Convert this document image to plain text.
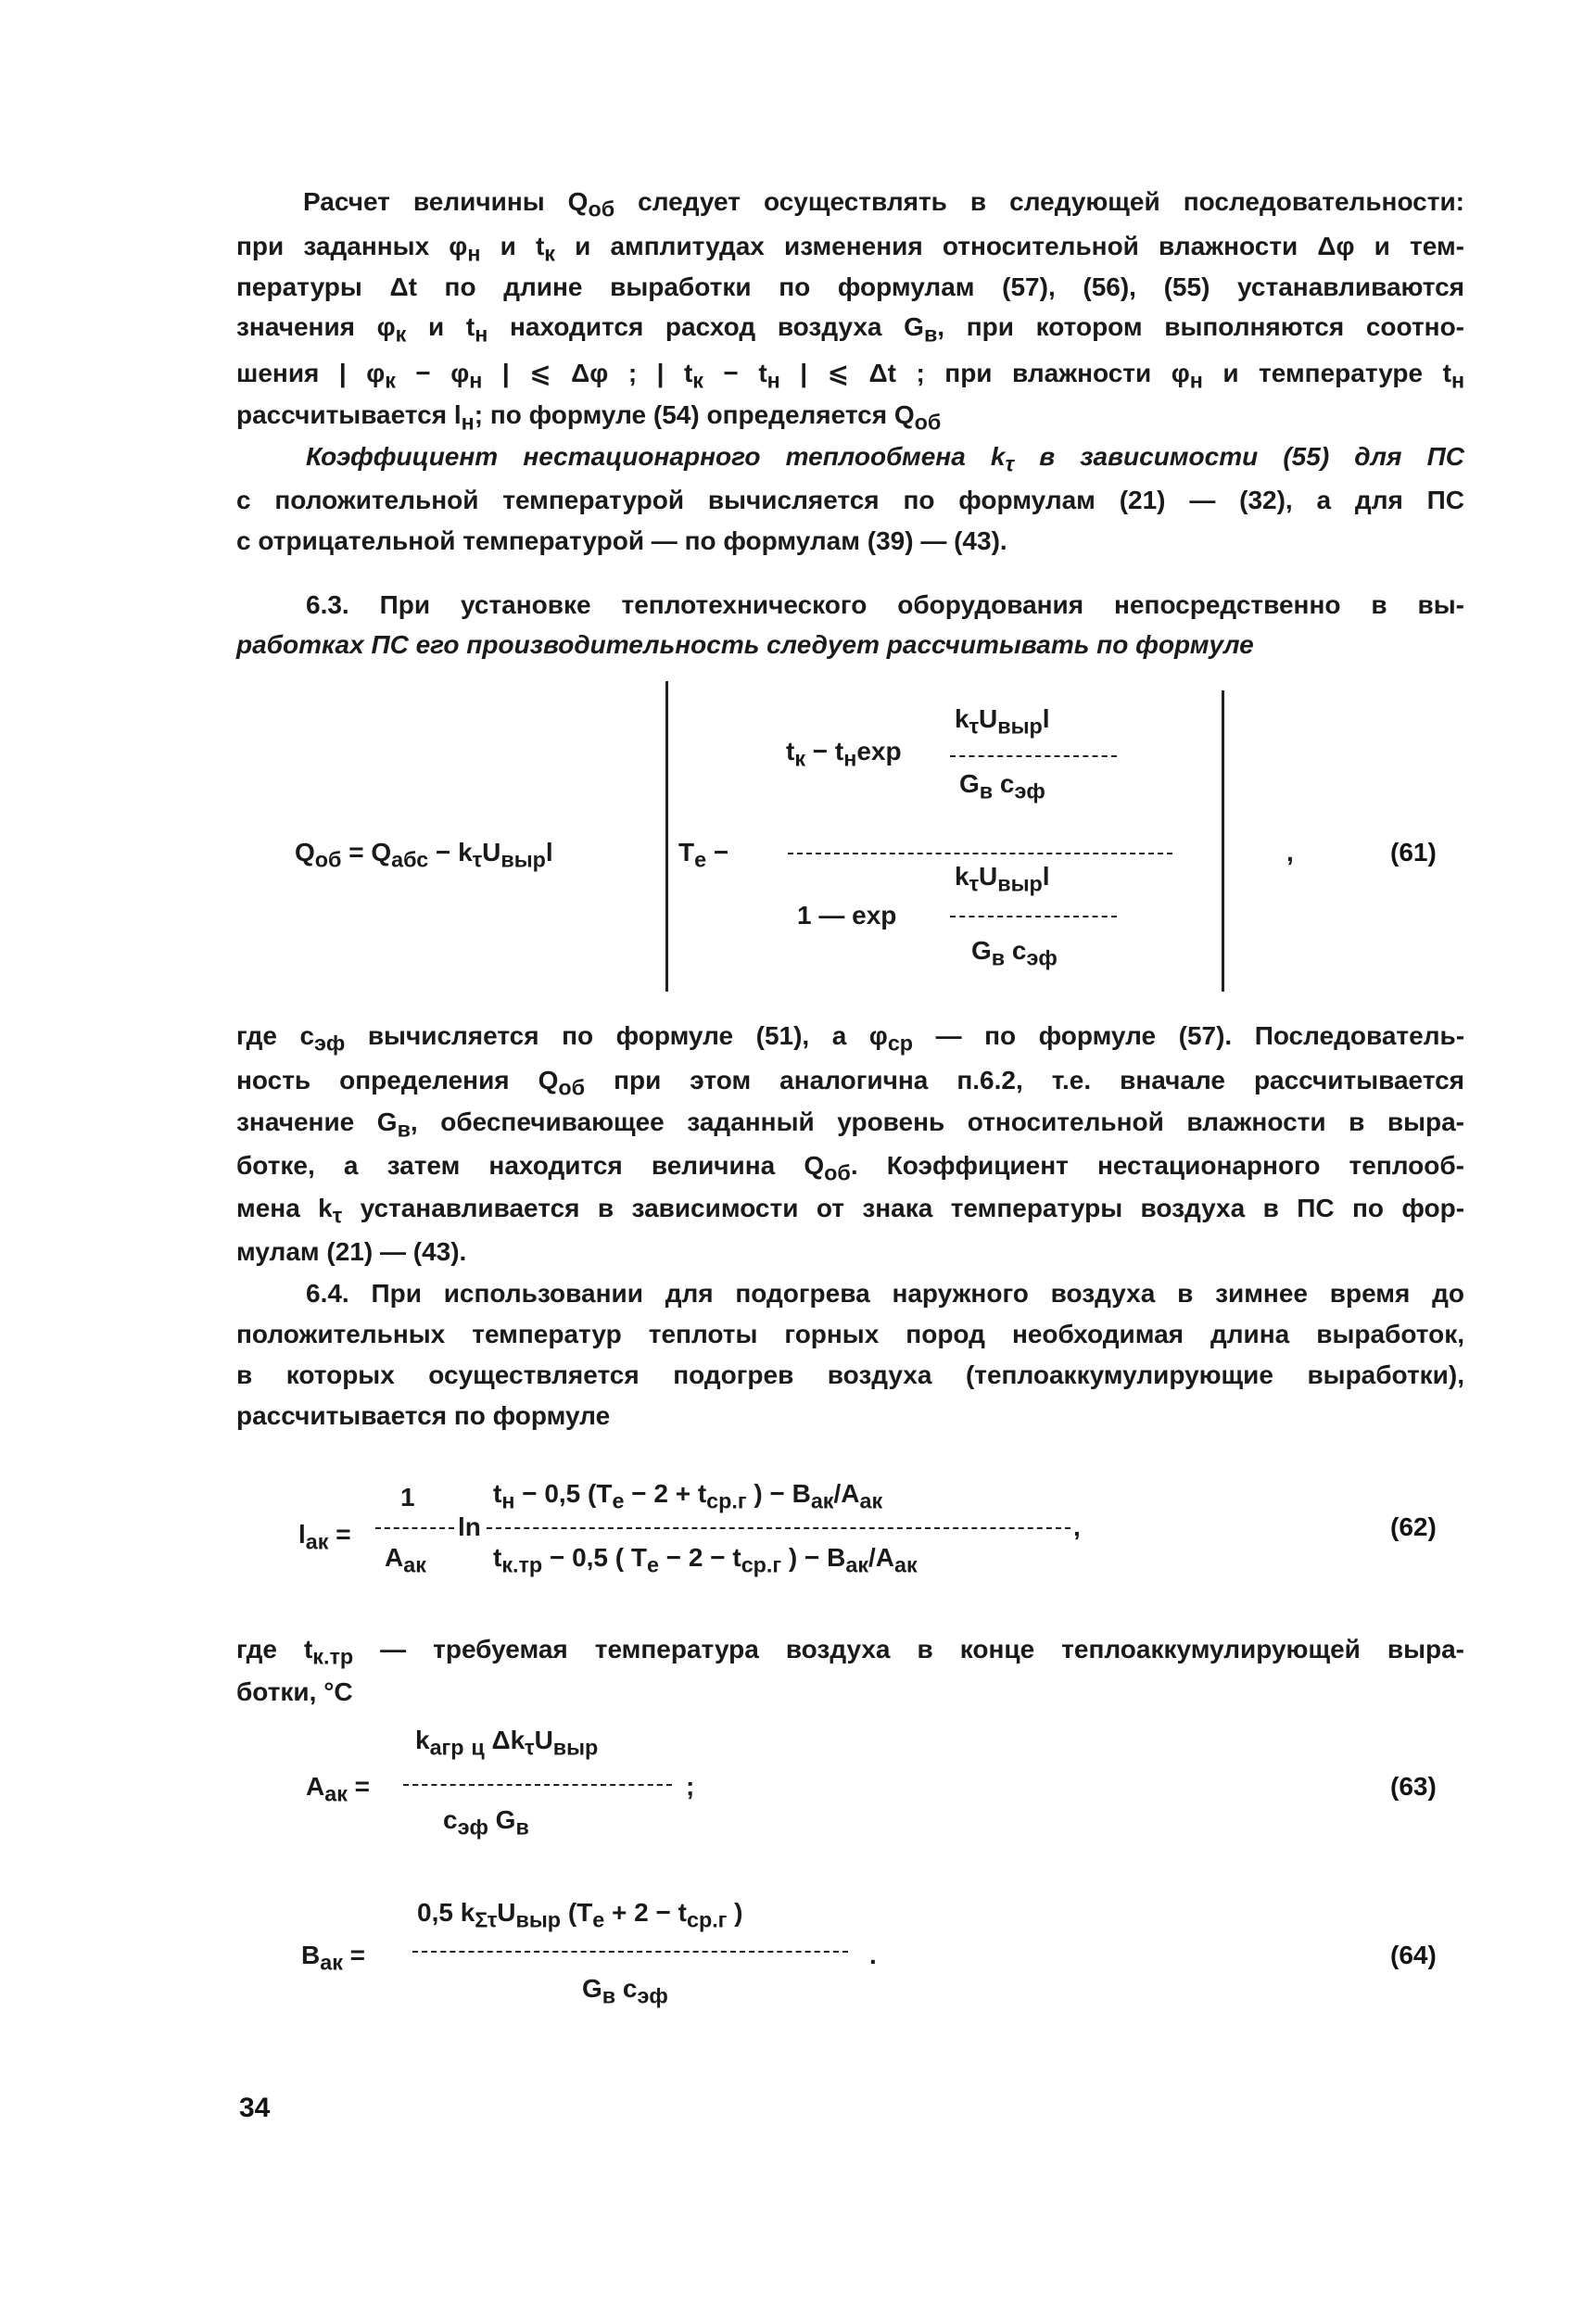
Расчет величины $Q_{об}$ следует осуществлять в следующей последовательности:
при заданных $\varphi_н$ и $t_к$ и амплитудах изменения относительной влажности Δφ и тем-
пературы Δt по длине выработки по формулам (57), (56), (55) устанавливаются
значения $\varphi_к$ и $t_н$ находится расход воздуха $G_в$, при котором выполняются соотно-
шения | $\varphi_к - \varphi_н$ | ⩽ Δφ ; | $t_к - t_н$ | ⩽ Δt ; при влажности $\varphi_н$ и температуре $t_н$
рассчитывается $l_н$; по формуле (54) определяется $Q_{об}$
Коэффициент нестационарного теплообмена $k_\tau$ в зависимости (55) для ПС
с положительной температурой вычисляется по формулам (21) — (32), а для ПС
с отрицательной температурой — по формулам (39) — (43).
6.3. При установке теплотехнического оборудования непосредственно в вы-
работках ПС его производительность следует рассчитывать по формуле
$Q_{об} = Q_{абс} - k_\tau U_{выр}l$	$T_е$ −
$t_к - t_н\exp$
$k_\tau U_{выр}l$
$G_в$ $c_{эф}$
1 — exp
$k_\tau U_{выр}l$
$G_в$ $c_{эф}$
,	(61)
где $c_{эф}$ вычисляется по формуле (51), а $\varphi_{ср}$ — по формуле (57). Последователь-
ность определения $Q_{об}$ при этом аналогична п.6.2, т.е. вначале рассчитывается
значение $G_в$, обеспечивающее заданный уровень относительной влажности в выра-
ботке, а затем находится величина $Q_{об}$. Коэффициент нестационарного теплооб-
мена $k_\tau$ устанавливается в зависимости от знака температуры воздуха в ПС по фор-
мулам (21) — (43).
6.4. При использовании для подогрева наружного воздуха в зимнее время до
положительных температур теплоты горных пород необходимая длина выработок,
в которых осуществляется подогрев воздуха (теплоаккумулирующие выработки),
рассчитывается по формуле
$l_{ак}$ =
1
$A_{ак}$
ln
$t_н - 0,5$ ($T_е - 2 + t_{ср.г}$ ) − $B_{ак}/A_{ак}$
$t_{к.тр} - 0,5$ ( $T_е - 2 - t_{ср.г}$ ) − $B_{ак}/A_{ак}$
,	(62)
где $t_{к.тр}$ — требуемая температура воздуха в конце теплоаккумулирующей выра-
ботки, °С
$A_{ак}$ =
$k_{агр}$ $_ц$ $\Delta k_\tau U_{выр}$
$c_{эф}$ $G_в$
;	(63)
$B_{ак}$ =
0,5 $k_{\Sigma\tau}U_{выр}$ ($T_е + 2 - t_{ср.г}$ )
$G_в$ $c_{эф}$
.	(64)
34
